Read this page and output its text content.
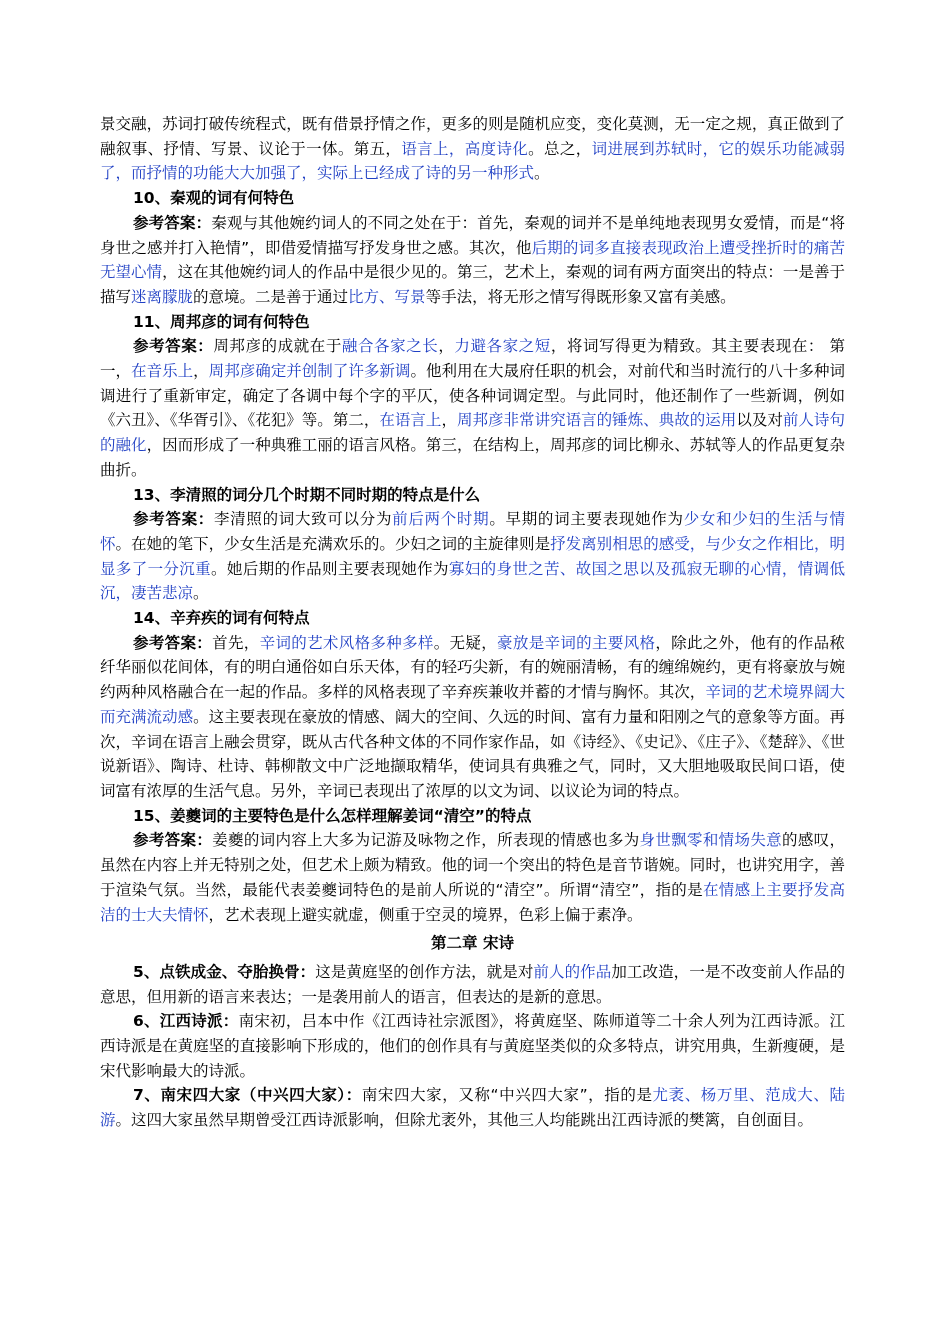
景交融，苏词打破传统程式，既有借景抒情之作，更多的则是随机应变，变化莫测，无一定之规，真正做到了融叙事、抒情、写景、议论于一体。第五，语言上，高度诗化。总之，词进展到苏轼时，它的娱乐功能减弱了，而抒情的功能大大加强了，实际上已经成了诗的另一种形式。

10、秦观的词有何特色

参考答案：秦观与其他婉约词人的不同之处在于：首先，秦观的词并不是单纯地表现男女爱情，而是“将身世之感并打入艳情”，即借爱情描写抒发身世之感。其次，他后期的词多直接表现政治上遭受挫折时的痛苦无望心情，这在其他婉约词人的作品中是很少见的。第三，艺术上，秦观的词有两方面突出的特点：一是善于描写迷离朦胧的意境。二是善于通过比方、写景等手法，将无形之情写得既形象又富有美感。

11、周邦彦的词有何特色

参考答案：周邦彦的成就在于融合各家之长，力避各家之短，将词写得更为精致。其主要表现在： 第一，在音乐上，周邦彦确定并创制了许多新调。他利用在大晟府任职的机会，对前代和当时流行的八十多种词调进行了重新审定，确定了各调中每个字的平仄，使各种词调定型。与此同时，他还制作了一些新调，例如《六丑》、《华胥引》、《花犯》等。第二，在语言上，周邦彦非常讲究语言的锤炼、典故的运用以及对前人诗句的融化，因而形成了一种典雅工丽的语言风格。第三，在结构上，周邦彦的词比柳永、苏轼等人的作品更复杂曲折。

13、李清照的词分几个时期不同时期的特点是什么

参考答案：李清照的词大致可以分为前后两个时期。早期的词主要表现她作为少女和少妇的生活与情怀。在她的笔下，少女生活是充满欢乐的。少妇之词的主旋律则是抒发离别相思的感受，与少女之作相比，明显多了一分沉重。她后期的作品则主要表现她作为寡妇的身世之苦、故国之思以及孤寂无聊的心情，情调低沉，凄苦悲凉。

14、辛弃疾的词有何特点

参考答案：首先，辛词的艺术风格多种多样。无疑，豪放是辛词的主要风格，除此之外，他有的作品秾纤华丽似花间体，有的明白通俗如白乐天体，有的轻巧尖新，有的婉丽清畅，有的缠绵婉约，更有将豪放与婉约两种风格融合在一起的作品。多样的风格表现了辛弃疾兼收并蓄的才情与胸怀。其次，辛词的艺术境界阔大而充满流动感。这主要表现在豪放的情感、阔大的空间、久远的时间、富有力量和阳刚之气的意象等方面。再次，辛词在语言上融会贯穿，既从古代各种文体的不同作家作品，如《诗经》、《史记》、《庄子》、《楚辞》、《世说新语》、陶诗、杜诗、韩柳散文中广泛地撷取精华，使词具有典雅之气，同时，又大胆地吸取民间口语，使词富有浓厚的生活气息。另外，辛词已表现出了浓厚的以文为词、以议论为词的特点。

15、姜夔词的主要特色是什么怎样理解姜词“清空”的特点

参考答案：姜夔的词内容上大多为记游及咏物之作，所表现的情感也多为身世飘零和情场失意的感叹，虽然在内容上并无特别之处，但艺术上颇为精致。他的词一个突出的特色是音节谐婉。同时，也讲究用字，善于渲染气氛。当然，最能代表姜夔词特色的是前人所说的“清空”。所谓“清空”，指的是在情感上主要抒发高洁的士大夫情怀，艺术表现上避实就虚，侧重于空灵的境界，色彩上偏于素净。

第二章 宋诗

5、点铁成金、夺胎换骨：这是黄庭坚的创作方法，就是对前人的作品加工改造，一是不改变前人作品的意思，但用新的语言来表达；一是袭用前人的语言，但表达的是新的意思。

6、江西诗派：南宋初，吕本中作《江西诗社宗派图》，将黄庭坚、陈师道等二十余人列为江西诗派。江西诗派是在黄庭坚的直接影响下形成的，他们的创作具有与黄庭坚类似的众多特点，讲究用典，生新瘦硬，是宋代影响最大的诗派。

7、南宋四大家（中兴四大家）：南宋四大家，又称“中兴四大家”，指的是尤袤、杨万里、范成大、陆游。这四大家虽然早期曾受江西诗派影响，但除尤袤外，其他三人均能跳出江西诗派的樊篱，自创面目。
